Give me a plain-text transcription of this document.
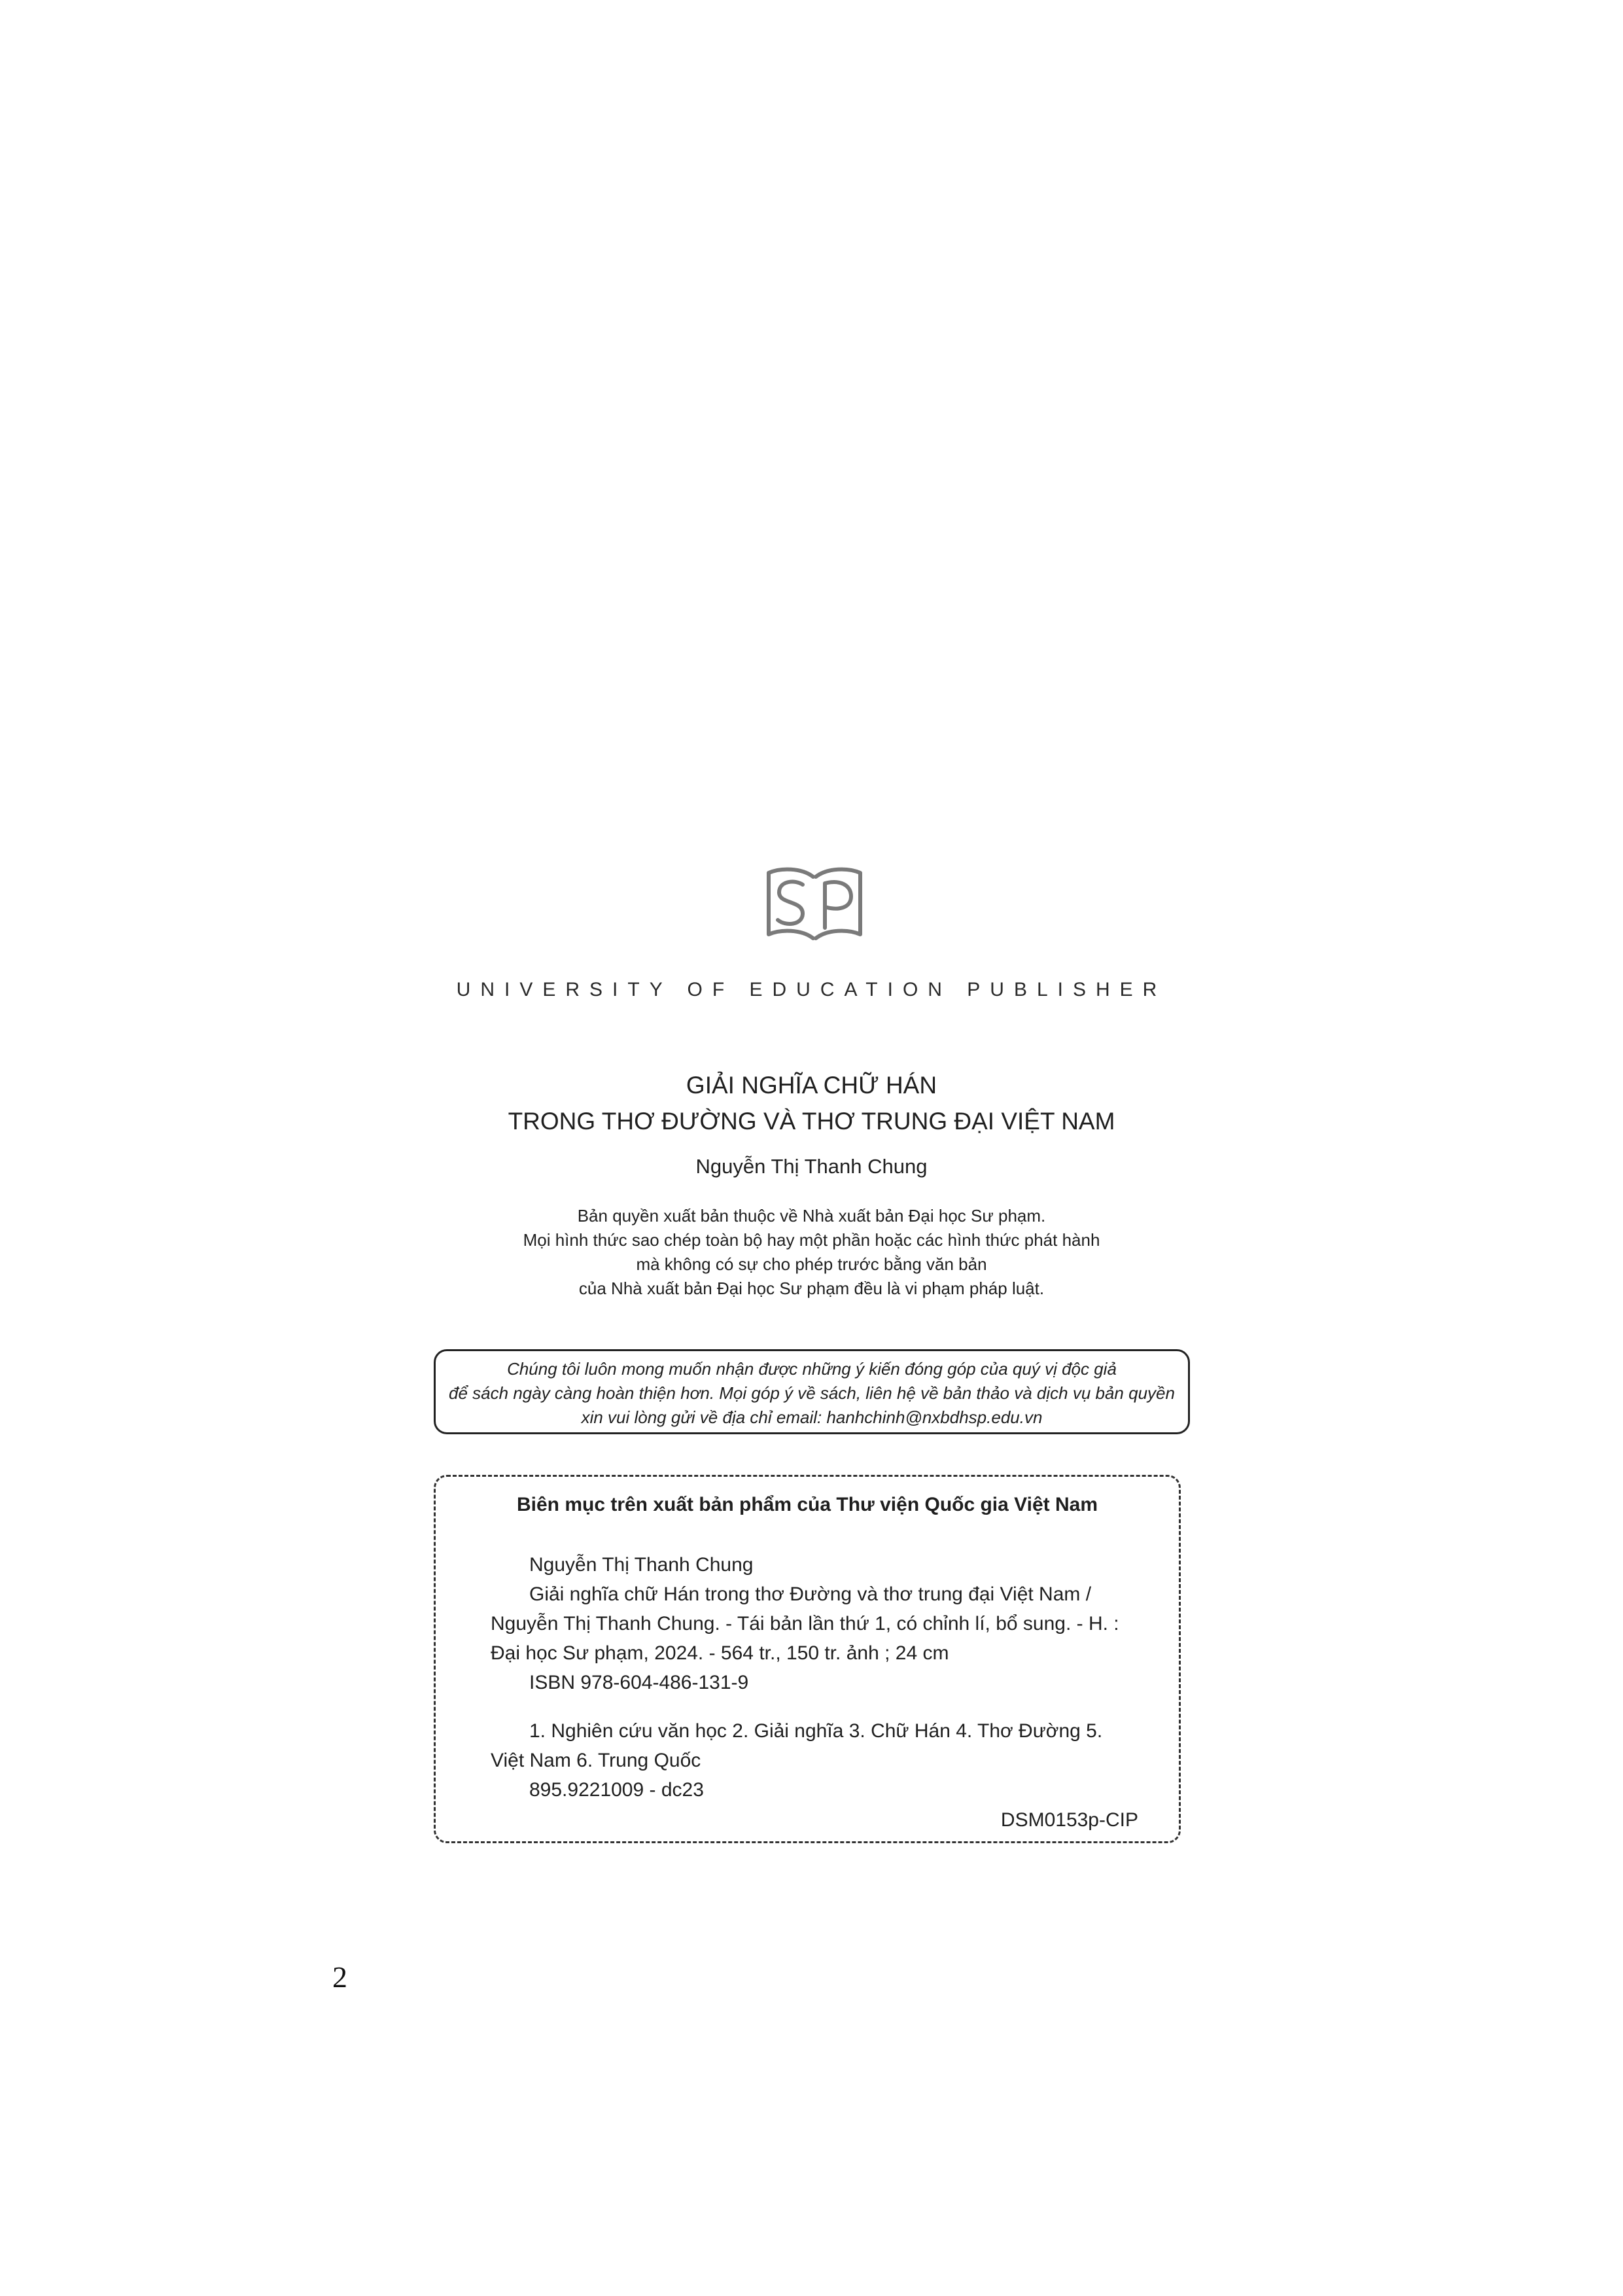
UNIVERSITY OF EDUCATION PUBLISHER
GIẢI NGHĨA CHỮ HÁN
TRONG THƠ ĐƯỜNG VÀ THƠ TRUNG ĐẠI VIỆT NAM
Nguyễn Thị Thanh Chung
Bản quyền xuất bản thuộc về Nhà xuất bản Đại học Sư phạm.
Mọi hình thức sao chép toàn bộ hay một phần hoặc các hình thức phát hành
mà không có sự cho phép trước bằng văn bản
của Nhà xuất bản Đại học Sư phạm đều là vi phạm pháp luật.
Chúng tôi luôn mong muốn nhận được những ý kiến đóng góp của quý vị độc giả
để sách ngày càng hoàn thiện hơn. Mọi góp ý về sách, liên hệ về bản thảo và dịch vụ bản quyền
xin vui lòng gửi về địa chỉ email: hanhchinh@nxbdhsp.edu.vn
Biên mục trên xuất bản phẩm của Thư viện Quốc gia Việt Nam
Nguyễn Thị Thanh Chung
Giải nghĩa chữ Hán trong thơ Đường và thơ trung đại Việt Nam /
Nguyễn Thị Thanh Chung. - Tái bản lần thứ 1, có chỉnh lí, bổ sung. - H. :
Đại học Sư phạm, 2024. - 564 tr., 150 tr. ảnh ; 24 cm
ISBN 978-604-486-131-9
1. Nghiên cứu văn học 2. Giải nghĩa 3. Chữ Hán 4. Thơ Đường 5.
Việt Nam 6. Trung Quốc
895.9221009 - dc23
DSM0153p-CIP
2
